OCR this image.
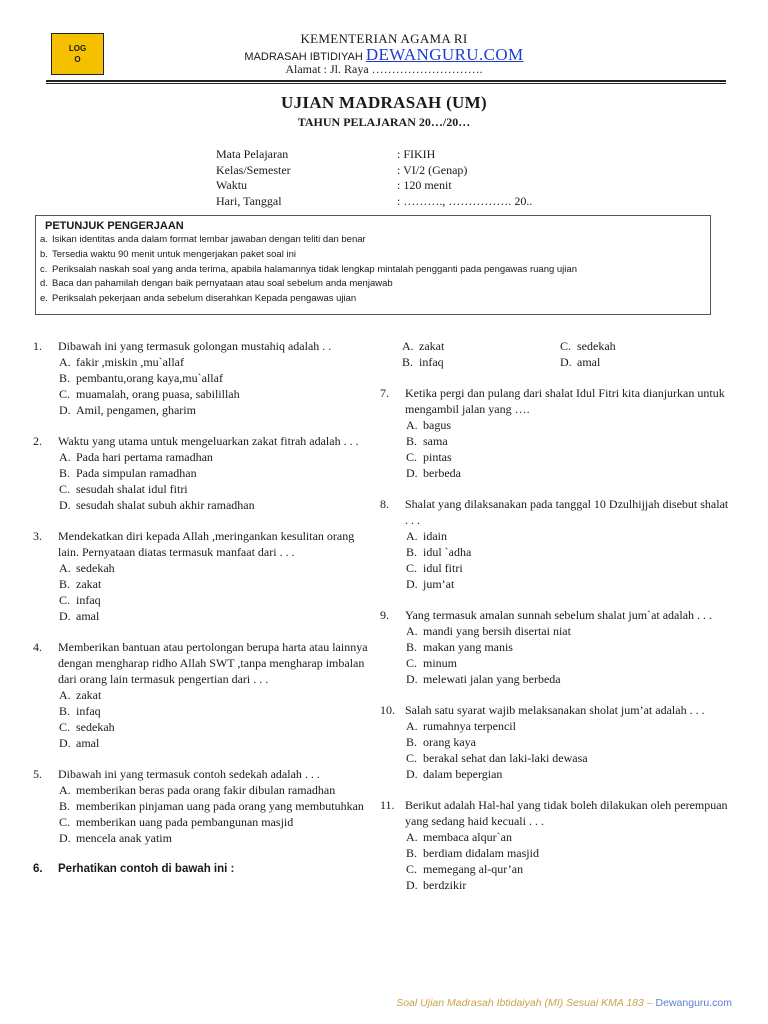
LOG
O
KEMENTERIAN AGAMA RI
MADRASAH IBTIDIYAH DEWANGURU.COM
Alamat : Jl. Raya ……………………….
UJIAN MADRASAH (UM)
TAHUN PELAJARAN 20…/20…
Mata Pelajaran	: FIKIH
Kelas/Semester	: VI/2 (Genap)
Waktu	: 120 menit
Hari, Tanggal	: ………., ……………. 20..
PETUNJUK PENGERJAAN
a. Isikan identitas anda dalam format lembar jawaban dengan teliti dan benar
b. Tersedia waktu 90 menit untuk mengerjakan paket soal ini
c. Periksalah naskah soal yang anda terima, apabila halamannya tidak lengkap mintalah pengganti pada pengawas ruang ujian
d. Baca dan pahamilah dengan baik pernyataan atau soal sebelum anda menjawab
e. Periksalah pekerjaan anda sebelum diserahkan Kepada pengawas ujian
1.	Dibawah ini yang termasuk golongan mustahiq adalah . .
A. fakir ,miskin ,mu`allaf
B. pembantu,orang kaya,mu`allaf
C. muamalah, orang puasa, sabilillah
D. Amil, pengamen, gharim
2.	Waktu yang utama untuk mengeluarkan zakat fitrah adalah . . .
A. Pada hari pertama ramadhan
B. Pada simpulan ramadhan
C. sesudah shalat idul fitri
D. sesudah shalat subuh akhir ramadhan
3.	Mendekatkan diri kepada Allah ,meringankan kesulitan orang lain. Pernyataan diatas termasuk manfaat dari . . .
A. sedekah
B. zakat
C. infaq
D. amal
4.	Memberikan bantuan atau pertolongan berupa harta atau lainnya dengan mengharap ridho Allah SWT ,tanpa mengharap imbalan dari orang lain termasuk pengertian dari . . .
A. zakat
B. infaq
C. sedekah
D. amal
5.	Dibawah ini yang termasuk contoh sedekah adalah . . .
A. memberikan beras pada orang fakir dibulan ramadhan
B. memberikan pinjaman uang pada orang yang membutuhkan
C. memberikan uang pada pembangunan masjid
D. mencela anak yatim
6.	Perhatikan contoh di bawah ini :
A. zakat
B. infaq
C. sedekah
D. amal
7.	Ketika pergi dan pulang dari shalat Idul Fitri kita dianjurkan untuk mengambil jalan yang ….
A. bagus
B. sama
C. pintas
D. berbeda
8.	Shalat yang dilaksanakan pada tanggal 10 Dzulhijjah disebut shalat . . .
A. idain
B. idul `adha
C. idul fitri
D. jum’at
9.	Yang termasuk amalan sunnah sebelum shalat jum`at adalah . . .
A. mandi yang bersih disertai niat
B. makan yang manis
C. minum
D. melewati jalan yang berbeda
10. Salah satu syarat wajib melaksanakan sholat jum’at adalah . . .
A. rumahnya terpencil
B. orang kaya
C. berakal sehat dan laki-laki dewasa
D. dalam bepergian
11. Berikut adalah Hal-hal yang tidak boleh dilakukan oleh perempuan yang sedang haid kecuali . . .
A. membaca alqur`an
B. berdiam didalam masjid
C. memegang al-qur’an
D. berdzikir
Soal Ujian Madrasah Ibtidaiyah (MI) Sesuai KMA 183 – Dewanguru.com
